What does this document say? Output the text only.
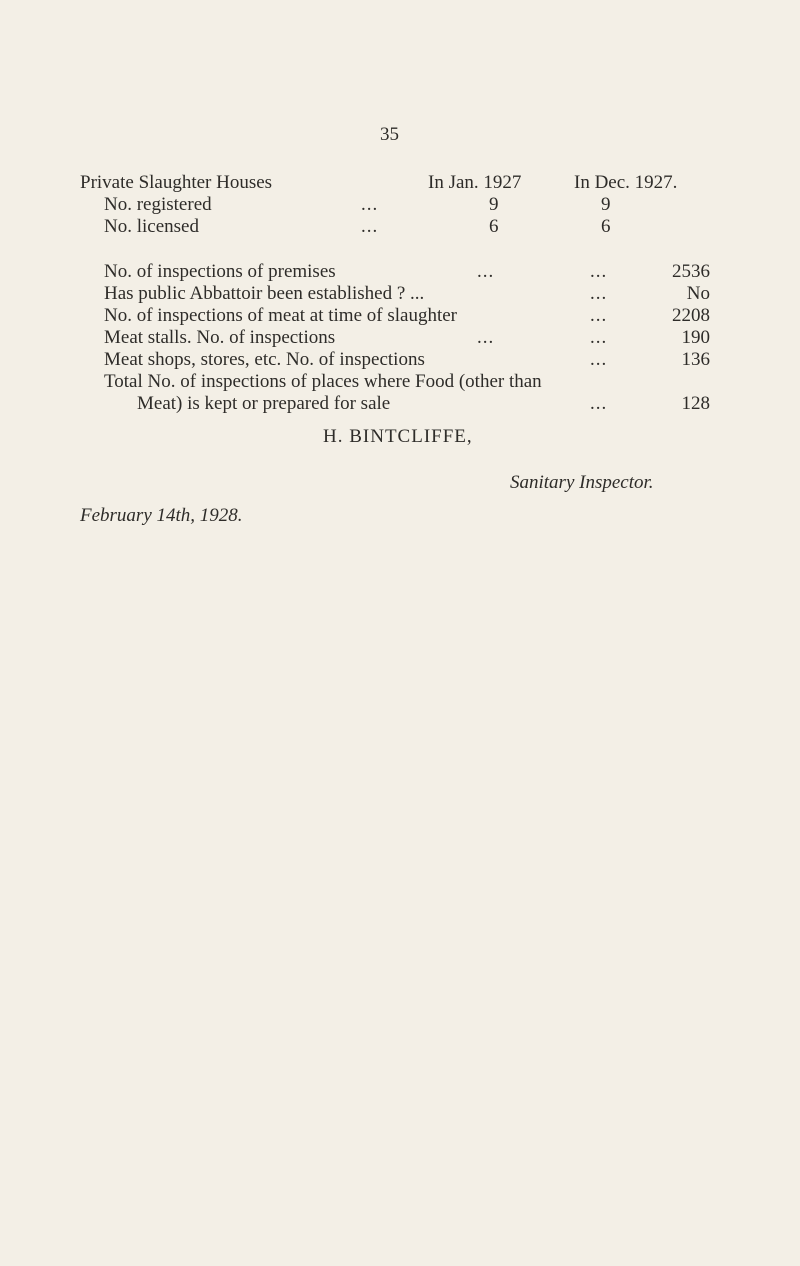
35
Private Slaughter Houses	In Jan. 1927	In Dec. 1927.
No. registered	...	9	9
No. licensed	...	6	6
No. of inspections of premises	...	...	2536
Has public Abbattoir been established ? ...	...	No
No. of inspections of meat at time of slaughter	...	2208
Meat stalls. No. of inspections	...	...	190
Meat shops, stores, etc. No. of inspections	...	136
Total No. of inspections of places where Food (other than
Meat) is kept or prepared for sale	...	128
H. BINTCLIFFE,
Sanitary Inspector.
February 14th, 1928.
